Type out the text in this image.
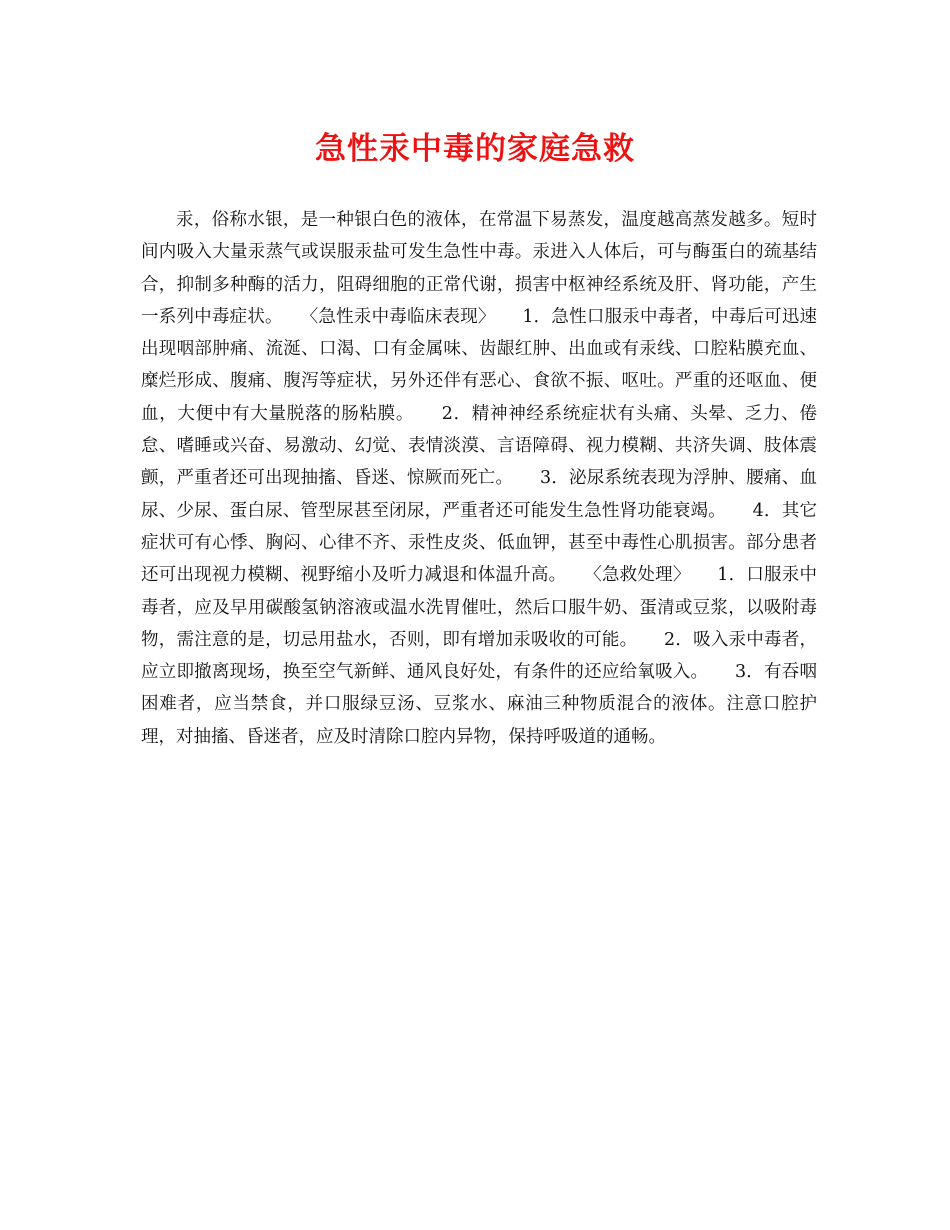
急性汞中毒的家庭急救

汞，俗称水银，是一种银白色的液体，在常温下易蒸发，温度越高蒸发越多。短时间内吸入大量汞蒸气或误服汞盐可发生急性中毒。汞进入人体后，可与酶蛋白的巯基结合，抑制多种酶的活力，阻碍细胞的正常代谢，损害中枢神经系统及肝、肾功能，产生一系列中毒症状。　　〈急性汞中毒临床表现〉　　1．急性口服汞中毒者，中毒后可迅速出现咽部肿痛、流涎、口渴、口有金属味、齿龈红肿、出血或有汞线、口腔粘膜充血、糜烂形成、腹痛、腹泻等症状，另外还伴有恶心、食欲不振、呕吐。严重的还呕血、便血，大便中有大量脱落的肠粘膜。　　2．精神神经系统症状有头痛、头晕、乏力、倦怠、嗜睡或兴奋、易激动、幻觉、表情淡漠、言语障碍、视力模糊、共济失调、肢体震颤，严重者还可出现抽搐、昏迷、惊厥而死亡。　　3．泌尿系统表现为浮肿、腰痛、血尿、少尿、蛋白尿、管型尿甚至闭尿，严重者还可能发生急性肾功能衰竭。　　4．其它症状可有心悸、胸闷、心律不齐、汞性皮炎、低血钾，甚至中毒性心肌损害。部分患者还可出现视力模糊、视野缩小及听力减退和体温升高。　　〈急救处理〉　　1．口服汞中毒者，应及早用碳酸氢钠溶液或温水洗胃催吐，然后口服牛奶、蛋清或豆浆，以吸附毒物，需注意的是，切忌用盐水，否则，即有增加汞吸收的可能。　　2．吸入汞中毒者，应立即撤离现场，换至空气新鲜、通风良好处，有条件的还应给氧吸入。　　3．有吞咽困难者，应当禁食，并口服绿豆汤、豆浆水、麻油三种物质混合的液体。注意口腔护理，对抽搐、昏迷者，应及时清除口腔内异物，保持呼吸道的通畅。
